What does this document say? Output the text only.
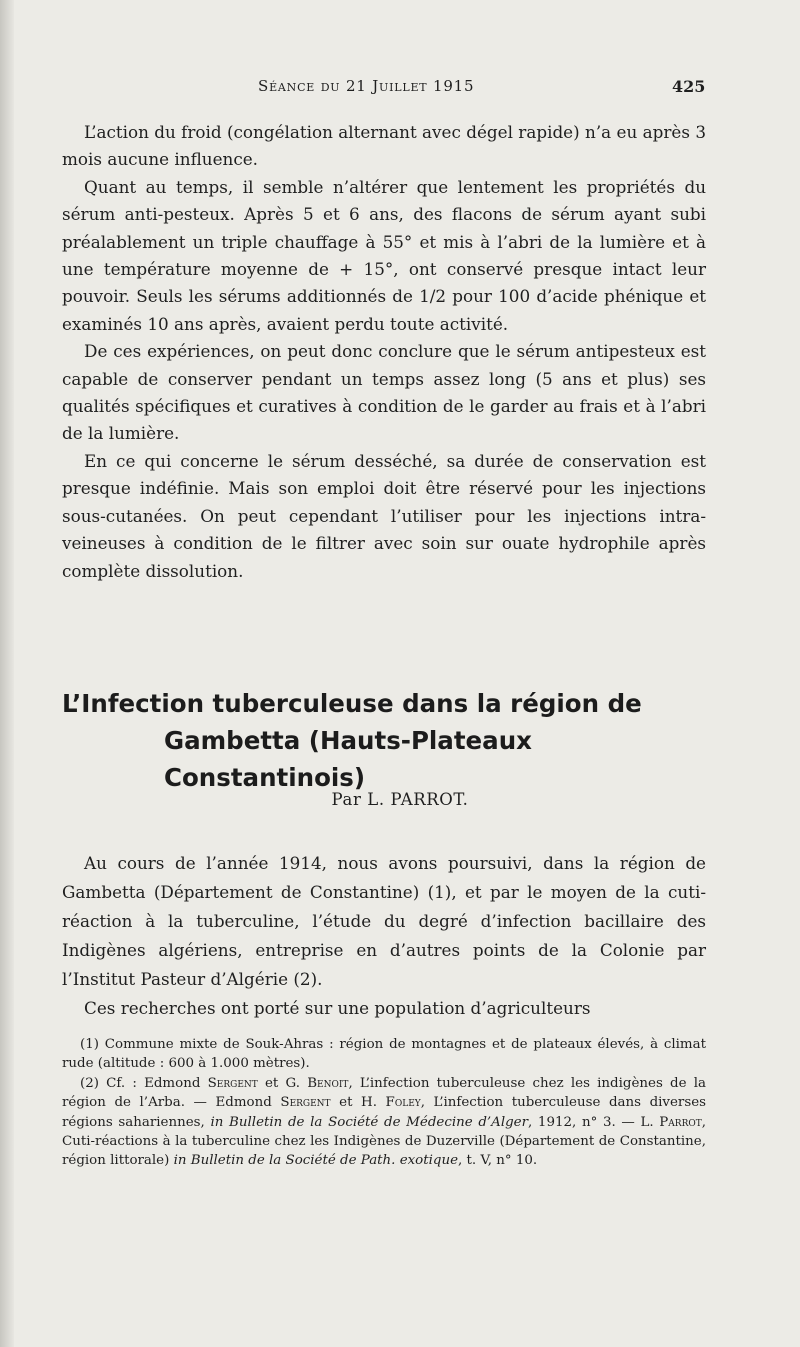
Séance du 21 Juillet 1915	425

L’action du froid (congélation alternant avec dégel rapide) n’a eu après 3 mois aucune influence.

Quant au temps, il semble n’altérer que lentement les propriétés du sérum anti-pesteux. Après 5 et 6 ans, des flacons de sérum ayant subi préalablement un triple chauffage à 55° et mis à l’abri de la lumière et à une température moyenne de + 15°, ont conservé presque intact leur pouvoir. Seuls les sérums additionnés de 1/2 pour 100 d’acide phénique et examinés 10 ans après, avaient perdu toute activité.

De ces expériences, on peut donc conclure que le sérum antipesteux est capable de conserver pendant un temps assez long (5 ans et plus) ses qualités spécifiques et curatives à condition de le garder au frais et à l’abri de la lumière.

En ce qui concerne le sérum desséché, sa durée de conservation est presque indéfinie. Mais son emploi doit être réservé pour les injections sous-cutanées. On peut cependant l’utiliser pour les injections intra-veineuses à condition de le filtrer avec soin sur ouate hydrophile après complète dissolution.

L’Infection tuberculeuse dans la région de
Gambetta (Hauts-Plateaux Constantinois)
Par L. PARROT.

Au cours de l’année 1914, nous avons poursuivi, dans la région de Gambetta (Département de Constantine) (1), et par le moyen de la cuti-réaction à la tuberculine, l’étude du degré d’infection bacillaire des Indigènes algériens, entreprise en d’autres points de la Colonie par l’Institut Pasteur d’Algérie (2).

Ces recherches ont porté sur une population d’agriculteurs

(1) Commune mixte de Souk-Ahras : région de montagnes et de plateaux élevés, à climat rude (altitude : 600 à 1.000 mètres).

(2) Cf. : Edmond Sergent et G. Benoit, L’infection tuberculeuse chez les indigènes de la région de l’Arba. — Edmond Sergent et H. Foley, L’infection tuberculeuse dans diverses régions sahariennes, in Bulletin de la Société de Médecine d’Alger, 1912, n° 3. — L. Parrot, Cuti-réactions à la tuberculine chez les Indigènes de Duzerville (Département de Constantine, région littorale) in Bulletin de la Société de Path. exotique, t. V, n° 10.
